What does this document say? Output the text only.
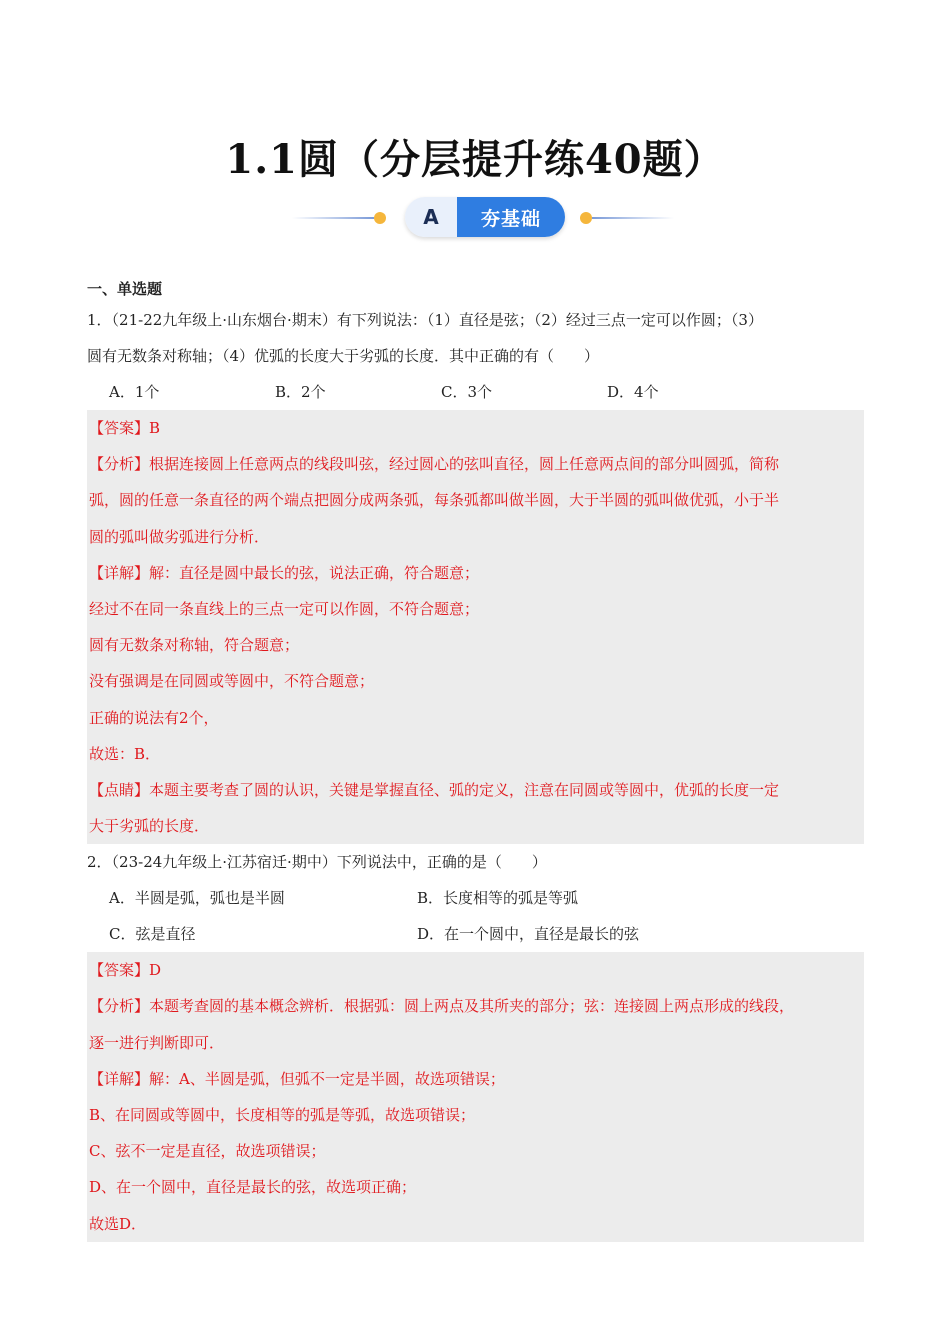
1.1圆（分层提升练40题）
A	夯基础
一、单选题
1．（21-22九年级上·山东烟台·期末）有下列说法：（1）直径是弦；（2）经过三点一定可以作圆；（3）
圆有无数条对称轴；（4）优弧的长度大于劣弧的长度．其中正确的有（　　）
A．1个	B．2个	C．3个	D．4个
【答案】B
【分析】根据连接圆上任意两点的线段叫弦，经过圆心的弦叫直径，圆上任意两点间的部分叫圆弧，简称
弧，圆的任意一条直径的两个端点把圆分成两条弧，每条弧都叫做半圆，大于半圆的弧叫做优弧，小于半
圆的弧叫做劣弧进行分析．
【详解】解：直径是圆中最长的弦，说法正确，符合题意；
经过不在同一条直线上的三点一定可以作圆，不符合题意；
圆有无数条对称轴，符合题意；
没有强调是在同圆或等圆中，不符合题意；
正确的说法有2个，
故选：B．
【点睛】本题主要考查了圆的认识，关键是掌握直径、弧的定义，注意在同圆或等圆中，优弧的长度一定
大于劣弧的长度．
2．（23-24九年级上·江苏宿迁·期中）下列说法中，正确的是（　　）
A．半圆是弧，弧也是半圆	B．长度相等的弧是等弧
C．弦是直径	D．在一个圆中，直径是最长的弦
【答案】D
【分析】本题考查圆的基本概念辨析．根据弧：圆上两点及其所夹的部分；弦：连接圆上两点形成的线段，
逐一进行判断即可．
【详解】解：A、半圆是弧，但弧不一定是半圆，故选项错误；
B、在同圆或等圆中，长度相等的弧是等弧，故选项错误；
C、弦不一定是直径，故选项错误；
D、在一个圆中，直径是最长的弦，故选项正确；
故选D．
